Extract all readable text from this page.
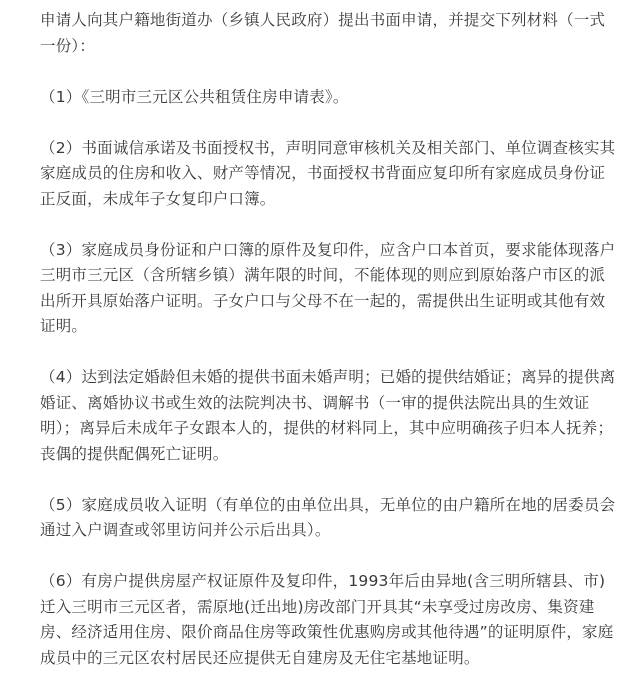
申请人向其户籍地街道办（乡镇人民政府）提出书面申请，并提交下列材料（一式一份）：

（1）《三明市三元区公共租赁住房申请表》。

（2）书面诚信承诺及书面授权书，声明同意审核机关及相关部门、单位调查核实其家庭成员的住房和收入、财产等情况，书面授权书背面应复印所有家庭成员身份证正反面，未成年子女复印户口簿。

（3）家庭成员身份证和户口簿的原件及复印件，应含户口本首页，要求能体现落户三明市三元区（含所辖乡镇）满年限的时间，不能体现的则应到原始落户市区的派出所开具原始落户证明。子女户口与父母不在一起的，需提供出生证明或其他有效证明。

（4）达到法定婚龄但未婚的提供书面未婚声明；已婚的提供结婚证；离异的提供离婚证、离婚协议书或生效的法院判决书、调解书（一审的提供法院出具的生效证明）；离异后未成年子女跟本人的，提供的材料同上，其中应明确孩子归本人抚养；丧偶的提供配偶死亡证明。

（5）家庭成员收入证明（有单位的由单位出具，无单位的由户籍所在地的居委员会通过入户调查或邻里访问并公示后出具）。

（6）有房户提供房屋产权证原件及复印件，1993年后由异地(含三明所辖县、市)迁入三明市三元区者，需原地(迁出地)房改部门开具其“未享受过房改房、集资建房、经济适用住房、限价商品住房等政策性优惠购房或其他待遇”的证明原件，家庭成员中的三元区农村居民还应提供无自建房及无住宅基地证明。
